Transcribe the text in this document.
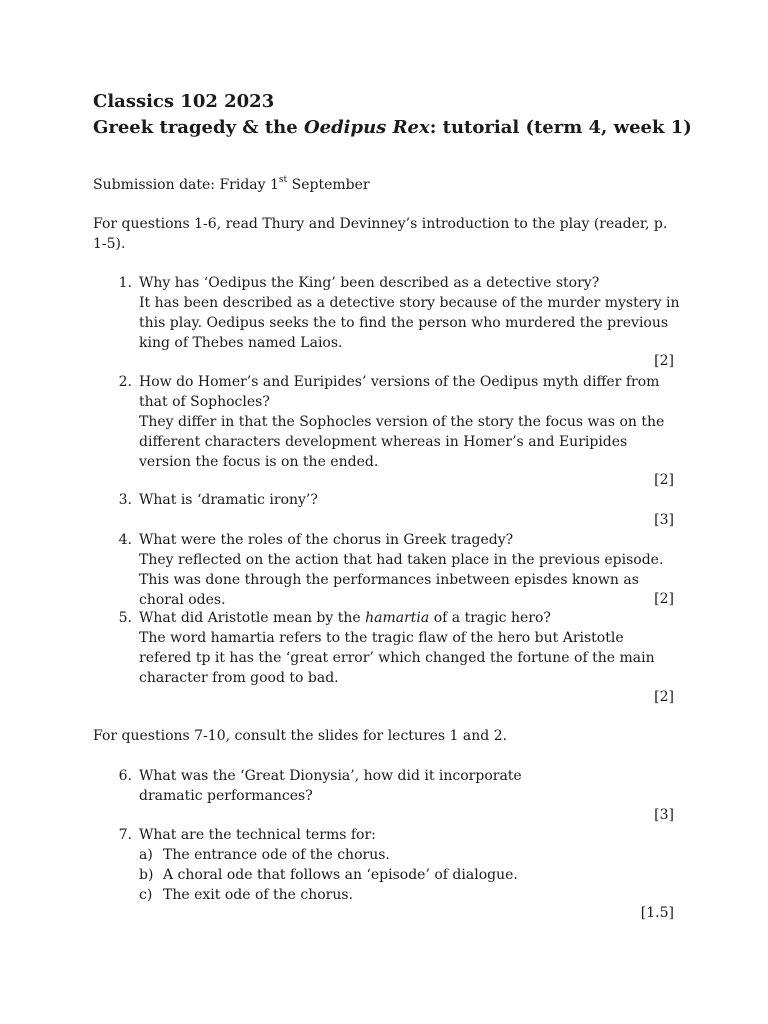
Classics 102 2023
Greek tragedy & the Oedipus Rex: tutorial (term 4, week 1)
Submission date: Friday 1st September
For questions 1-6, read Thury and Devinney’s introduction to the play (reader, p. 1-5).
1. Why has ‘Oedipus the King’ been described as a detective story?
It has been described as a detective story because of the murder mystery in this play. Oedipus seeks the to find the person who murdered the previous king of Thebes named Laios.
[2]
2. How do Homer’s and Euripides’ versions of the Oedipus myth differ from that of Sophocles?
They differ in that the Sophocles version of the story the focus was on the different characters development whereas in Homer’s and Euripides version the focus is on the ended.
[2]
3. What is ‘dramatic irony’?
[3]
4. What were the roles of the chorus in Greek tragedy?
They reflected on the action that had taken place in the previous episode. This was done through the performances inbetween episdes known as choral odes.	[2]
5. What did Aristotle mean by the hamartia of a tragic hero?
The word hamartia refers to the tragic flaw of the hero but Aristotle refered tp it has the ‘great error’ which changed the fortune of the main character from good to bad.
[2]
For questions 7-10, consult the slides for lectures 1 and 2.
6. What was the ‘Great Dionysia’, how did it incorporate dramatic performances?
[3]
7. What are the technical terms for:
a) The entrance ode of the chorus.
b) A choral ode that follows an ‘episode’ of dialogue.
c) The exit ode of the chorus.
[1.5]
